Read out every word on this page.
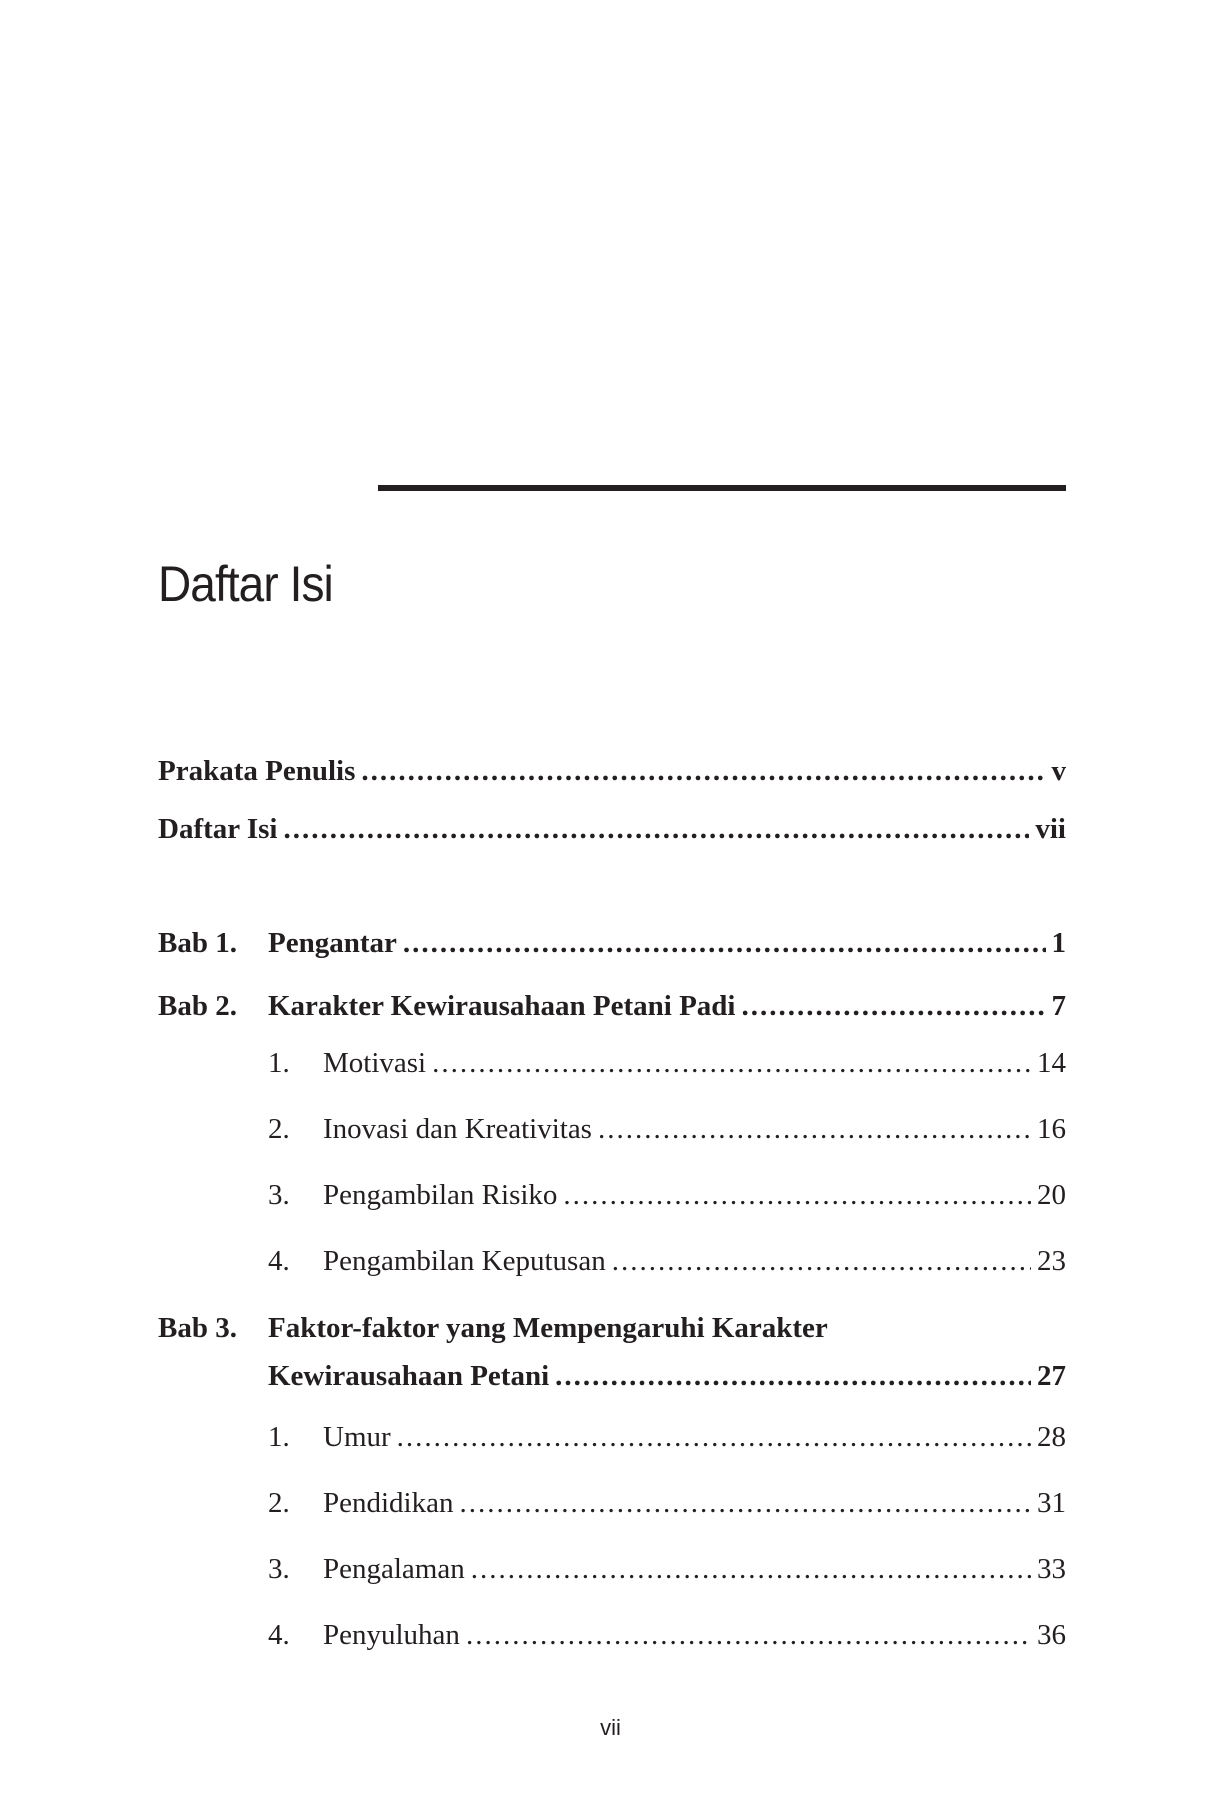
Daftar Isi
Prakata Penulis .....	v
Daftar Isi .....	vii
Bab 1.	Pengantar .....	1
Bab 2.	Karakter Kewirausahaan Petani Padi .....	7
1.	Motivasi .....	14
2.	Inovasi dan Kreativitas .....	16
3.	Pengambilan Risiko .....	20
4.	Pengambilan Keputusan .....	23
Bab 3. Faktor-faktor yang Mempengaruhi Karakter
Kewirausahaan Petani .....	27
1.	Umur .....	28
2.	Pendidikan .....	31
3.	Pengalaman .....	33
4.	Penyuluhan .....	36
vii
